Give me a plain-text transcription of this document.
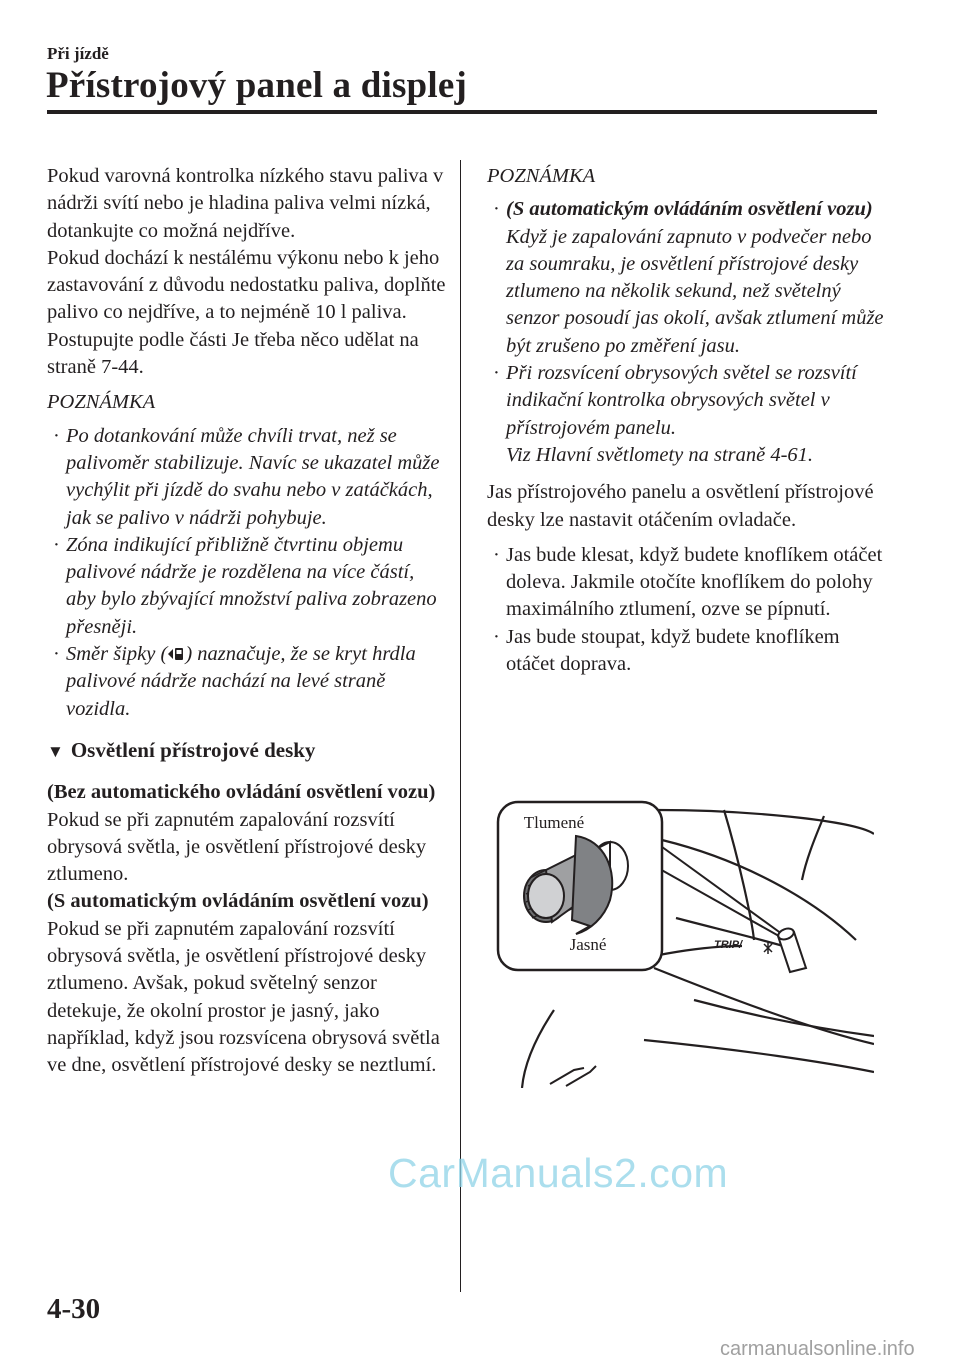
Při jízdě
Přístrojový panel a displej

Pokud varovná kontrolka nízkého stavu paliva v nádrži svítí nebo je hladina paliva velmi nízká, dotankujte co možná nejdříve.

Pokud dochází k nestálému výkonu nebo k jeho zastavování z důvodu nedostatku paliva, doplňte palivo co nejdříve, a to nejméně 10 l paliva.

Postupujte podle části Je třeba něco udělat na straně 7-44.

POZNÁMKA

· Po dotankování může chvíli trvat, než se palivoměr stabilizuje. Navíc se ukazatel může vychýlit při jízdě do svahu nebo v zatáčkách, jak se palivo v nádrži pohybuje.
· Zóna indikující přibližně čtvrtinu objemu palivové nádrže je rozdělena na více částí, aby bylo zbývající množství paliva zobrazeno přesněji.
· Směr šipky ( ) naznačuje, že se kryt hrdla palivové nádrže nachází na levé straně vozidla.
▼ Osvětlení přístrojové desky

(Bez automatického ovládání osvětlení vozu)

Pokud se při zapnutém zapalování rozsvítí obrysová světla, je osvětlení přístrojové desky ztlumeno.

(S automatickým ovládáním osvětlení vozu)

Pokud se při zapnutém zapalování rozsvítí obrysová světla, je osvětlení přístrojové desky ztlumeno. Avšak, pokud světelný senzor detekuje, že okolní prostor je jasný, jako například, když jsou rozsvícena obrysová světla ve dne, osvětlení přístrojové desky se neztlumí.

POZNÁMKA

· (S automatickým ovládáním osvětlení vozu)
Když je zapalování zapnuto v podvečer nebo za soumraku, je osvětlení přístrojové desky ztlumeno na několik sekund, než světelný senzor posoudí jas okolí, avšak ztlumení může být zrušeno po změření jasu.
· Při rozsvícení obrysových světel se rozsvítí indikační kontrolka obrysových světel v přístrojovém panelu.
Viz Hlavní světlomety na straně 4-61.

Jas přístrojového panelu a osvětlení přístrojové desky lze nastavit otáčením ovladače.

· Jas bude klesat, když budete knoflíkem otáčet doleva. Jakmile otočíte knoflíkem do polohy maximálního ztlumení, ozve se pípnutí.
· Jas bude stoupat, když budete knoflíkem otáčet doprava.
TRIP/
Tlumené
Jasné
4-30
CarManuals2.com
carmanualsonline.info
